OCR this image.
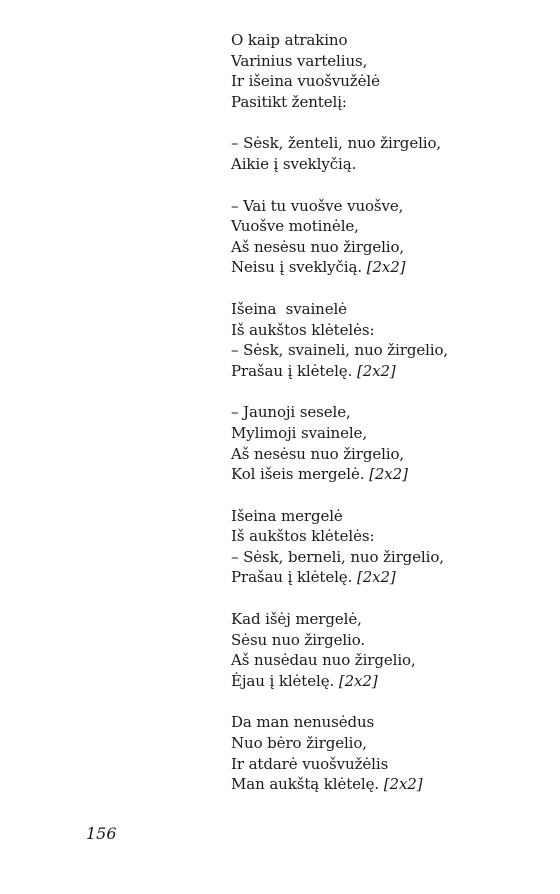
O kaip atrakino
Varinius vartelius,
Ir išeina vuošvužėlė
Pasitikt žentelį:
– Sėsk, ženteli, nuo žirgelio,
Aikie į sveklyčią.
– Vai tu vuošve vuošve,
Vuošve motinėle,
Aš nesėsu nuo žirgelio,
Neisu į sveklyčią. [2x2]
Išeina  svainelė
Iš aukštos klėtelės:
– Sėsk, svaineli, nuo žirgelio,
Prašau į klėtelę. [2x2]
– Jaunoji sesele,
Mylimoji svainele,
Aš nesėsu nuo žirgelio,
Kol išeis mergelė. [2x2]
Išeina mergelė
Iš aukštos klėtelės:
– Sėsk, berneli, nuo žirgelio,
Prašau į klėtelę. [2x2]
Kad išėj mergelė,
Sėsu nuo žirgelio.
Aš nusėdau nuo žirgelio,
Ėjau į klėtelę. [2x2]
Da man nenusėdus
Nuo bėro žirgelio,
Ir atdarė vuošvužėlis
Man aukštą klėtelę. [2x2]
156
